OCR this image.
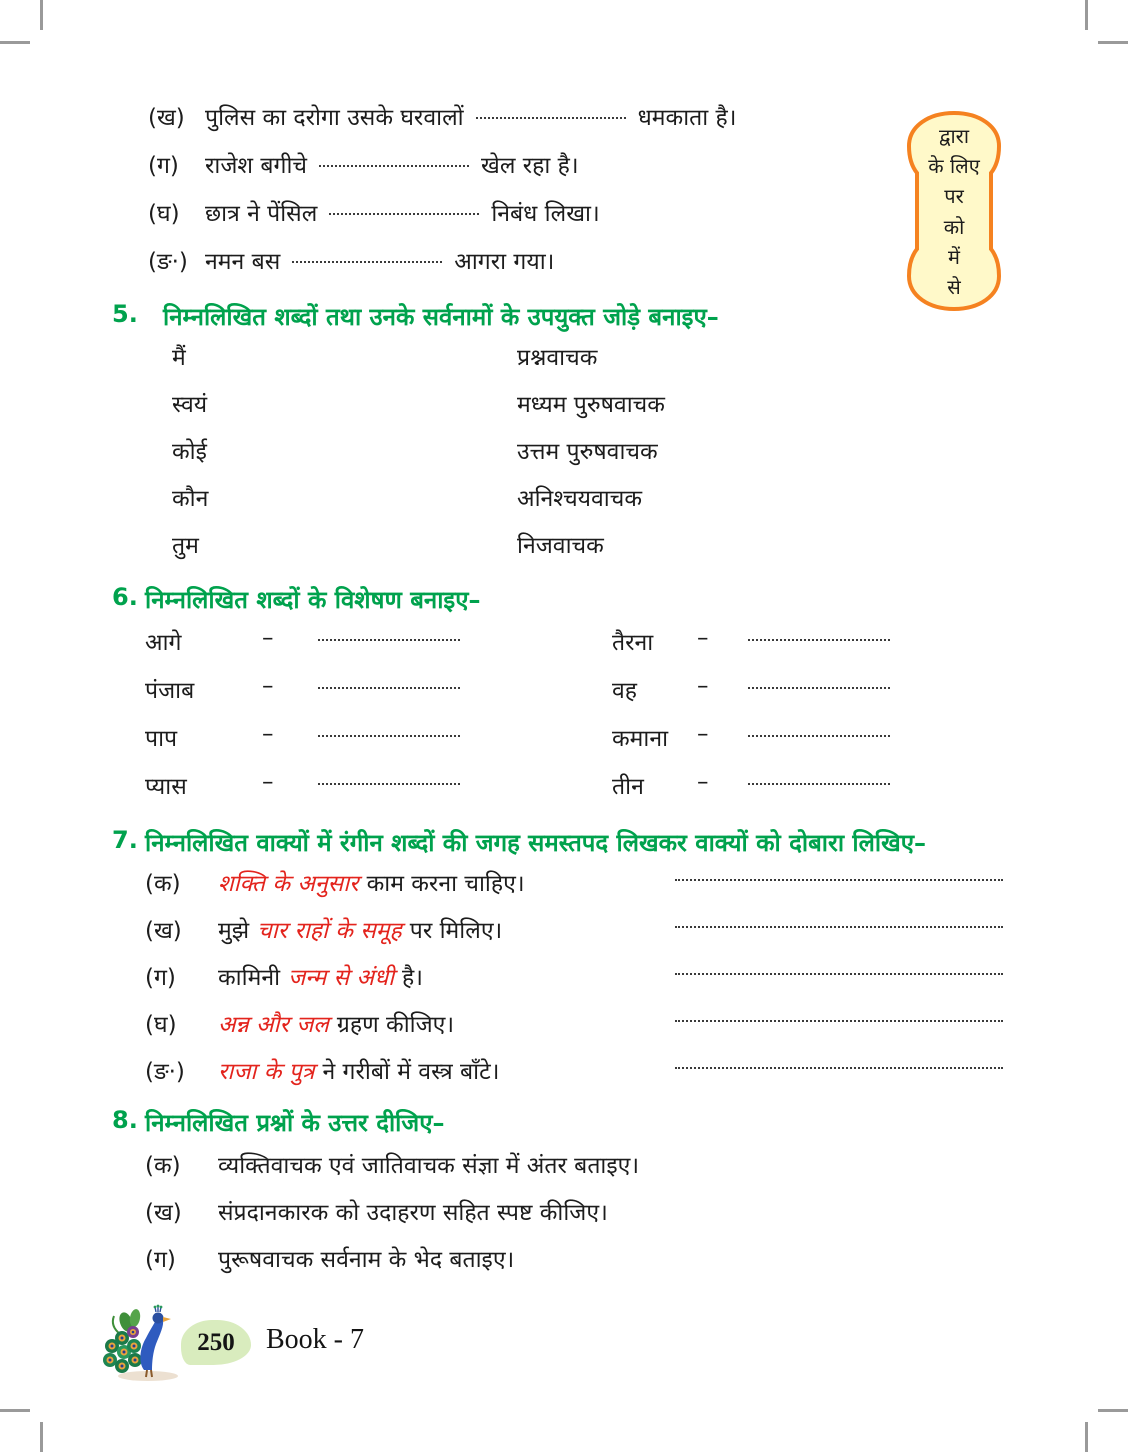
(ख) पुलिस का दरोगा उसके घरवालों	धमकाता है।
(ग) राजेश बगीचे	खेल रहा है।
(घ) छात्र ने पेंसिल	निबंध लिखा।
(ङ·) नमन बस	आगरा गया।
द्वारा
के लिए
पर
को
में
से
5. निम्नलिखित शब्दों तथा उनके सर्वनामों के उपयुक्त जोड़े बनाइए–
मैं	प्रश्नवाचक
स्वयं	मध्यम पुरुषवाचक
कोई	उत्तम पुरुषवाचक
कौन	अनिश्चयवाचक
तुम	निजवाचक
6. निम्नलिखित शब्दों के विशेषण बनाइए–
आगे	–	तैरना –
पंजाब	–	वह	–
पाप	–	कमाना –
प्यास	–	तीन –
7. निम्नलिखित वाक्यों में रंगीन शब्दों की जगह समस्तपद लिखकर वाक्यों को दोबारा लिखिए–
(क) शक्ति के अनुसार काम करना चाहिए।
(ख) मुझे चार राहों के समूह पर मिलिए।
(ग) कामिनी जन्म से अंधी है।
(घ) अन्न और जल ग्रहण कीजिए।
(ङ·) राजा के पुत्र ने गरीबों में वस्त्र बाँटे।
8. निम्नलिखित प्रश्नों के उत्तर दीजिए–
(क) व्यक्तिवाचक एवं जातिवाचक संज्ञा में अंतर बताइए।
(ख) संप्रदानकारक को उदाहरण सहित स्पष्ट कीजिए।
(ग) पुरूषवाचक सर्वनाम के भेद बताइए।
250 Book - 7
